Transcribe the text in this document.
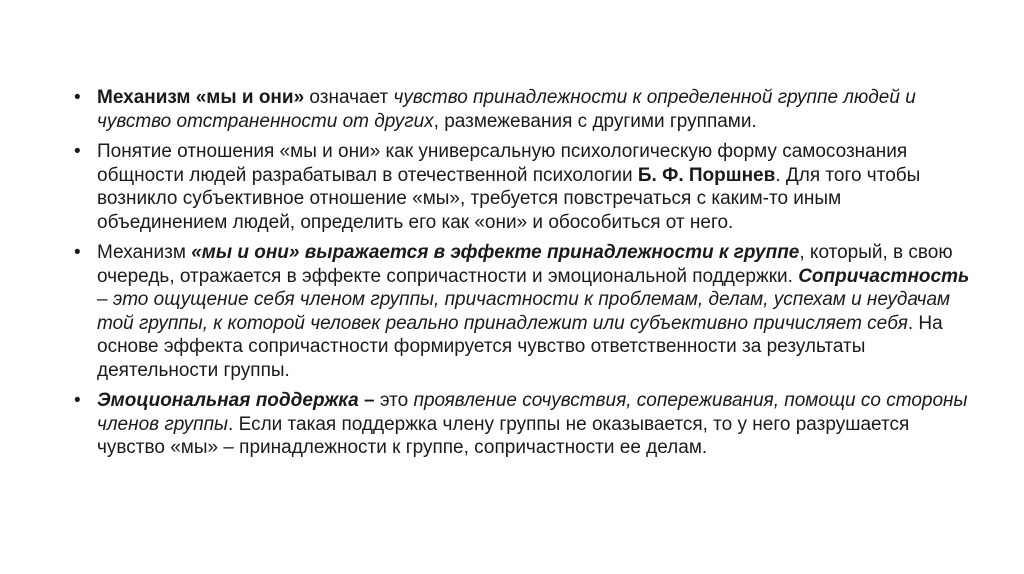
• Механизм «мы и они» означает чувство принадлежности к определенной группе людей и чувство отстраненности от других, размежевания с другими группами.
• Понятие отношения «мы и они» как универсальную психологическую форму самосознания общности людей разрабатывал в отечественной психологии Б. Ф. Поршнев. Для того чтобы возникло субъективное отношение «мы», требуется повстречаться с каким-то иным объединением людей, определить его как «они» и обособиться от него.
• Механизм «мы и они» выражается в эффекте принадлежности к группе, который, в свою очередь, отражается в эффекте сопричастности и эмоциональной поддержки. Сопричастность – это ощущение себя членом группы, причастности к проблемам, делам, успехам и неудачам той группы, к которой человек реально принадлежит или субъективно причисляет себя. На основе эффекта сопричастности формируется чувство ответственности за результаты деятельности группы.
• Эмоциональная поддержка – это проявление сочувствия, сопереживания, помощи со стороны членов группы. Если такая поддержка члену группы не оказывается, то у него разрушается чувство «мы» – принадлежности к группе, сопричастности ее делам.
